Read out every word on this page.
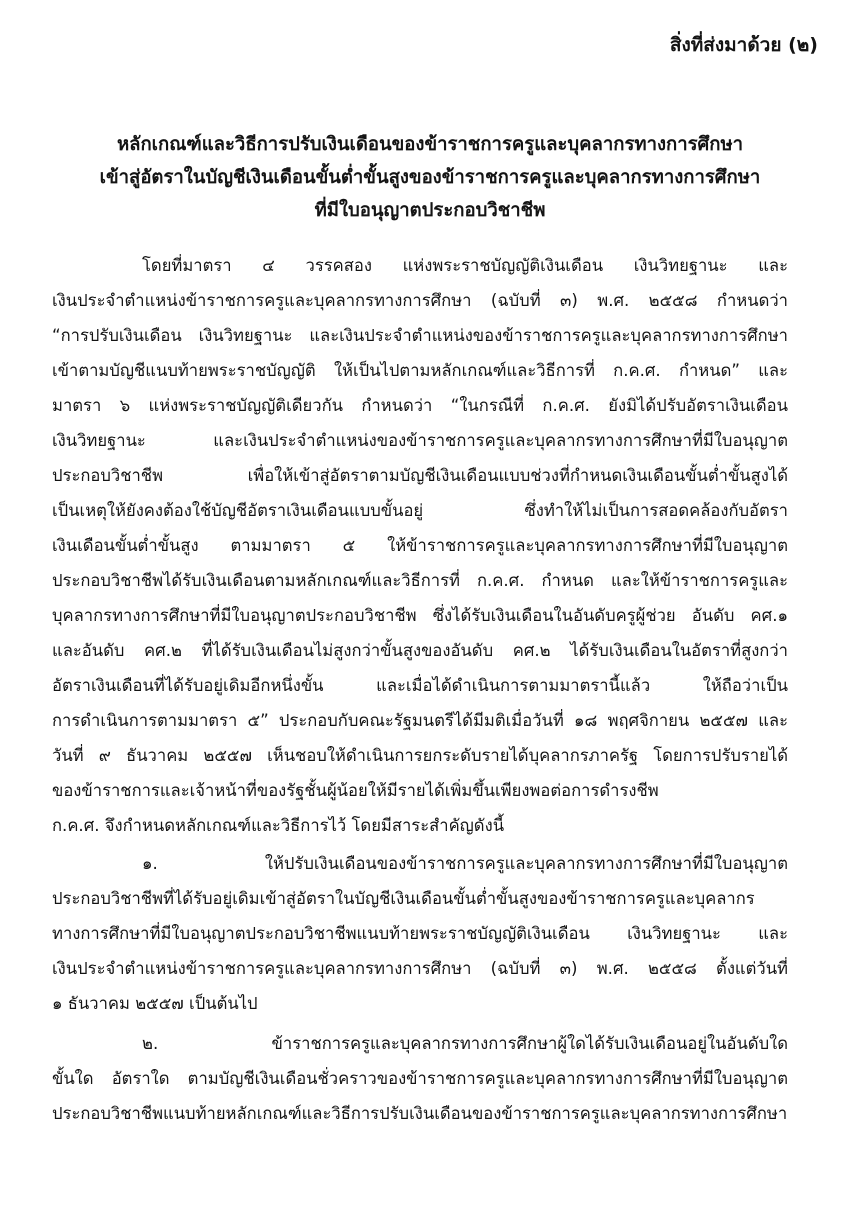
สิ่งที่ส่งมาด้วย (๒)
หลักเกณฑ์และวิธีการปรับเงินเดือนของข้าราชการครูและบุคลากรทางการศึกษา
เข้าสู่อัตราในบัญชีเงินเดือนขั้นต่ำขั้นสูงของข้าราชการครูและบุคลากรทางการศึกษา
ที่มีใบอนุญาตประกอบวิชาชีพ
โดยที่มาตรา ๔ วรรคสอง แห่งพระราชบัญญัติเงินเดือน เงินวิทยฐานะ และ
เงินประจำตำแหน่งข้าราชการครูและบุคลากรทางการศึกษา (ฉบับที่ ๓) พ.ศ. ๒๕๕๘ กำหนดว่า
“การปรับเงินเดือน เงินวิทยฐานะ และเงินประจำตำแหน่งของข้าราชการครูและบุคลากรทางการศึกษา
เข้าตามบัญชีแนบท้ายพระราชบัญญัติ ให้เป็นไปตามหลักเกณฑ์และวิธีการที่ ก.ค.ศ. กำหนด” และ
มาตรา ๖ แห่งพระราชบัญญัติเดียวกัน กำหนดว่า “ในกรณีที่ ก.ค.ศ. ยังมิได้ปรับอัตราเงินเดือน
เงินวิทยฐานะ และเงินประจำตำแหน่งของข้าราชการครูและบุคลากรทางการศึกษาที่มีใบอนุญาต
ประกอบวิชาชีพ เพื่อให้เข้าสู่อัตราตามบัญชีเงินเดือนแบบช่วงที่กำหนดเงินเดือนขั้นต่ำขั้นสูงได้
เป็นเหตุให้ยังคงต้องใช้บัญชีอัตราเงินเดือนแบบขั้นอยู่ ซึ่งทำให้ไม่เป็นการสอดคล้องกับอัตรา
เงินเดือนขั้นต่ำขั้นสูง ตามมาตรา ๕ ให้ข้าราชการครูและบุคลากรทางการศึกษาที่มีใบอนุญาต
ประกอบวิชาชีพได้รับเงินเดือนตามหลักเกณฑ์และวิธีการที่ ก.ค.ศ. กำหนด และให้ข้าราชการครูและ
บุคลากรทางการศึกษาที่มีใบอนุญาตประกอบวิชาชีพ ซึ่งได้รับเงินเดือนในอันดับครูผู้ช่วย อันดับ คศ.๑
และอันดับ คศ.๒ ที่ได้รับเงินเดือนไม่สูงกว่าขั้นสูงของอันดับ คศ.๒ ได้รับเงินเดือนในอัตราที่สูงกว่า
อัตราเงินเดือนที่ได้รับอยู่เดิมอีกหนึ่งขั้น และเมื่อได้ดำเนินการตามมาตรานี้แล้ว ให้ถือว่าเป็น
การดำเนินการตามมาตรา ๕” ประกอบกับคณะรัฐมนตรีได้มีมติเมื่อวันที่ ๑๘ พฤศจิกายน ๒๕๕๗ และ
วันที่ ๙ ธันวาคม ๒๕๕๗ เห็นชอบให้ดำเนินการยกระดับรายได้บุคลากรภาครัฐ โดยการปรับรายได้
ของข้าราชการและเจ้าหน้าที่ของรัฐชั้นผู้น้อยให้มีรายได้เพิ่มขึ้นเพียงพอต่อการดำรงชีพ
ก.ค.ศ. จึงกำหนดหลักเกณฑ์และวิธีการไว้ โดยมีสาระสำคัญดังนี้
๑. ให้ปรับเงินเดือนของข้าราชการครูและบุคลากรทางการศึกษาที่มีใบอนุญาต
ประกอบวิชาชีพที่ได้รับอยู่เดิมเข้าสู่อัตราในบัญชีเงินเดือนขั้นต่ำขั้นสูงของข้าราชการครูและบุคลากร
ทางการศึกษาที่มีใบอนุญาตประกอบวิชาชีพแนบท้ายพระราชบัญญัติเงินเดือน เงินวิทยฐานะ และ
เงินประจำตำแหน่งข้าราชการครูและบุคลากรทางการศึกษา (ฉบับที่ ๓) พ.ศ. ๒๕๕๘ ตั้งแต่วันที่
๑ ธันวาคม ๒๕๕๗ เป็นต้นไป
๒. ข้าราชการครูและบุคลากรทางการศึกษาผู้ใดได้รับเงินเดือนอยู่ในอันดับใด
ขั้นใด อัตราใด ตามบัญชีเงินเดือนชั่วคราวของข้าราชการครูและบุคลากรทางการศึกษาที่มีใบอนุญาต
ประกอบวิชาชีพแนบท้ายหลักเกณฑ์และวิธีการปรับเงินเดือนของข้าราชการครูและบุคลากรทางการศึกษา
